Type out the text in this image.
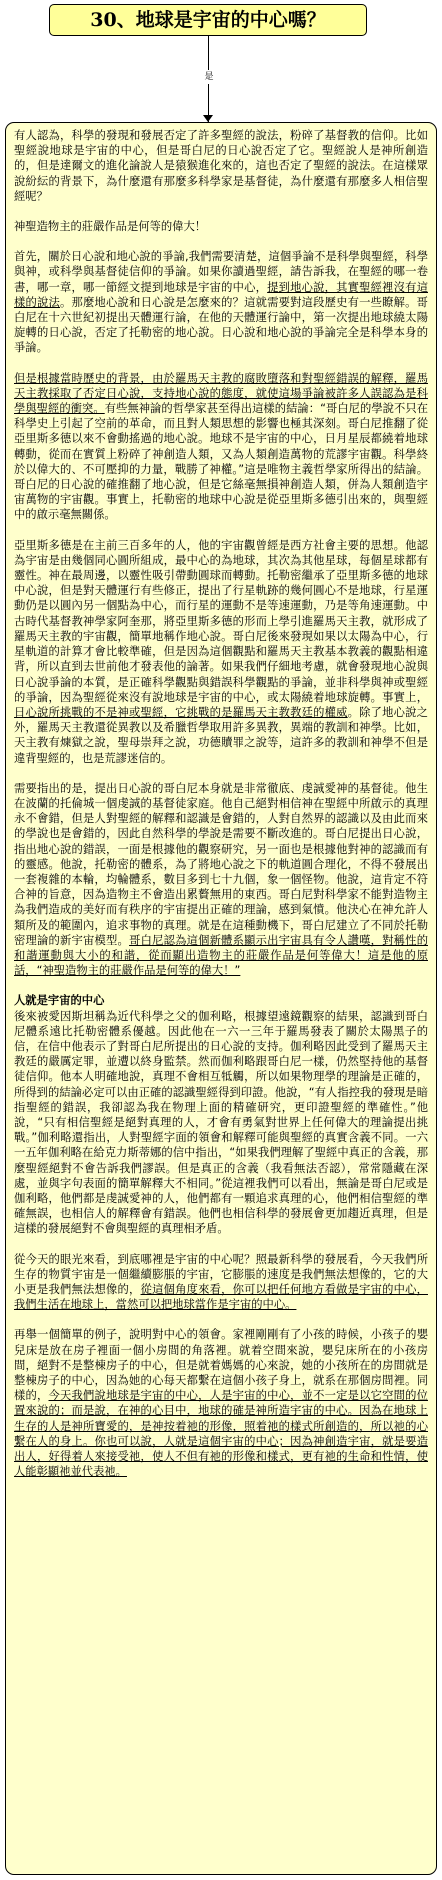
30、地球是宇宙的中心嗎？
是

有人認為，科學的發現和發展否定了許多聖經的說法，粉碎了基督教的信仰。比如聖經說地球是宇宙的中心，但是哥白尼的日心說否定了它。聖經說人是神所創造的，但是達爾文的進化論說人是猿猴進化來的，這也否定了聖經的說法。在這樣眾說紛紜的背景下，為什麼還有那麼多科學家是基督徒，為什麼還有那麼多人相信聖經呢？

神聖造物主的莊嚴作品是何等的偉大！

首先，關於日心說和地心說的爭論,我們需要清楚，這個爭論不是科學與聖經，科學與神，或科學與基督徒信仰的爭論。如果你讀過聖經，請告訴我，在聖經的哪一卷書，哪一章，哪一節經文提到地球是宇宙的中心，提到地心說，其實聖經裡沒有這樣的說法。那麼地心說和日心說是怎麼來的？這就需要對這段歷史有一些瞭解。哥白尼在十六世紀初提出天體運行論，在他的天體運行論中，第一次提出地球繞太陽旋轉的日心說，否定了托勒密的地心說。日心說和地心說的爭論完全是科學本身的爭論。

但是根據當時歷史的背景，由於羅馬天主教的腐敗墮落和對聖經錯誤的解釋，羅馬天主教採取了否定日心說，支持地心說的態度，就使這場爭論被許多人誤認為是科學與聖經的衝突。有些無神論的哲學家甚至得出這樣的結論：“哥白尼的學說不只在科學史上引起了空前的革命，而且對人類思想的影響也極其深刻。哥白尼推翻了從亞里斯多德以來不會動搖過的地心說。地球不是宇宙的中心，日月星辰都繞着地球轉動，從而在實質上粉碎了神創造人類，又為人類創造萬物的荒謬宇宙觀。科學終於以偉大的、不可壓抑的力量，戰勝了神權。”這是唯物主義哲學家所得出的結論。哥白尼的日心說的確推翻了地心說，但是它絲毫無損神創造人類，併為人類創造宇宙萬物的宇宙觀。事實上，托勒密的地球中心說是從亞里斯多德引出來的，與聖經中的啟示毫無關係。

亞里斯多德是在主前三百多年的人，他的宇宙觀曾經是西方社會主要的思想。他認為宇宙是由幾個同心圓所組成，最中心的為地球，其次為其他星球，每個星球都有靈性。神在最周邊，以靈性吸引帶動圓球而轉動。托勒密繼承了亞里斯多德的地球中心說，但是對天體運行有些修正，提出了行星軌跡的幾何圓心不是地球，行星運動仍是以圓內另一個點為中心，而行星的運動不是等速運動，乃是等角速運動。中古時代基督教神學家阿奎那，將亞里斯多德的形而上學引進羅馬天主教，就形成了羅馬天主教的宇宙觀，簡單地稱作地心說。哥白尼後來發現如果以太陽為中心，行星軌道的計算才會比較準確，但是因為這個觀點和羅馬天主教基本教義的觀點相違背，所以直到去世前他才發表他的論著。如果我們仔細地考慮，就會發現地心說與日心說爭論的本質，是正確科學觀點與錯誤科學觀點的爭論，並非科學與神或聖經的爭論，因為聖經從來沒有說地球是宇宙的中心，或太陽繞着地球旋轉。事實上，日心說所挑戰的不是神或聖經，它挑戰的是羅馬天主教教廷的權威。除了地心說之外，羅馬天主教還從異教以及希臘哲學取用許多異教，異端的教訓和神學。比如，天主教有煉獄之說，聖母崇拜之說，功德贖罪之說等，這許多的教訓和神學不但是違背聖經的，也是荒謬迷信的。

需要指出的是，提出日心說的哥白尼本身就是非常徹底、虔誠愛神的基督徒。他生在波蘭的托倫城一個虔誠的基督徒家庭。他自己絕對相信神在聖經中所啟示的真理永不會錯，但是人對聖經的解釋和認識是會錯的，人對自然界的認識以及由此而來的學說也是會錯的，因此自然科學的學說是需要不斷改進的。哥白尼提出日心說，指出地心說的錯誤，一面是根據他的觀察研究，另一面也是根據他對神的認識而有的靈感。他說，托勒密的體系，為了將地心說之下的軌道圓合理化，不得不發展出一套複雜的本輪，均輪體系，數目多到七十九個，象一個怪物。他說，這肯定不符合神的旨意，因為造物主不會造出累贅無用的東西。哥白尼對科學家不能對造物主為我們造成的美好而有秩序的宇宙提出正確的理論，感到氣憤。他決心在神允許人類所及的範圍內，追求事物的真理。就是在這種動機下，哥白尼建立了不同於托勒密理論的新宇宙模型。哥白尼認為這個新體系顯示出宇宙具有令人讚嘆，對稱性的和諧運動與大小的和諧，從而顯出造物主的莊嚴作品是何等偉大！這是他的原話，“神聖造物主的莊嚴作品是何等的偉大！”

人就是宇宙的中心

後來被愛因斯坦稱為近代科學之父的伽利略，根據望遠鏡觀察的結果，認識到哥白尼體系遠比托勒密體系優越。因此他在一六一三年于羅馬發表了關於太陽黑子的信，在信中他表示了對哥白尼所提出的日心說的支持。伽利略因此受到了羅馬天主教廷的嚴厲定罪，並遭以終身監禁。然而伽利略跟哥白尼一樣，仍然堅持他的基督徒信仰。他本人明確地說，真理不會相互牴觸，所以如果物理學的理論是正確的，所得到的結論必定可以由正確的認識聖經得到印證。他說，“有人指控我的發現是暗指聖經的錯誤，我卻認為我在物理上面的精確研究，更印證聖經的準確性。”他說，“只有相信聖經是絕對真理的人，才會有勇氣對世界上任何偉大的理論提出挑戰。”伽利略還指出，人對聖經字面的領會和解釋可能與聖經的真實含義不同。一六一五年伽利略在給克力斯蒂娜的信中指出，“如果我們理解了聖經中真正的含義，那麼聖經絕對不會告訴我們謬誤。但是真正的含義（我看無法否認），常常隱藏在深處，並與字句表面的簡單解釋大不相同。”從這裡我們可以看出，無論是哥白尼或是伽利略，他們都是虔誠愛神的人，他們都有一顆追求真理的心，他們相信聖經的準確無誤，也相信人的解釋會有錯誤。他們也相信科學的發展會更加趨近真理，但是這樣的發展絕對不會與聖經的真理相矛盾。

從今天的眼光來看，到底哪裡是宇宙的中心呢？照最新科學的發展看，今天我們所生存的物質宇宙是一個繼續膨脹的宇宙，它膨脹的速度是我們無法想像的，它的大小更是我們無法想像的，從這個角度來看，你可以把任何地方看做是宇宙的中心，我們生活在地球上，當然可以把地球當作是宇宙的中心。

再舉一個簡單的例子，說明對中心的領會。家裡剛剛有了小孩的時候，小孩子的嬰兒床是放在房子裡面一個小房間的角落裡。就着空間來說，嬰兒床所在的小孩房間，絕對不是整棟房子的中心，但是就着媽媽的心來說，她的小孩所在的房間就是整棟房子的中心，因為她的心每天都繫在這個小孩子身上，就系在那個房間裡。同樣的，今天我們說地球是宇宙的中心，人是宇宙的中心，並不一定是以它空間的位置來說的；而是說，在神的心目中，地球的確是神所造宇宙的中心。因為在地球上生存的人是神所寶愛的，是神按着祂的形像，照着祂的樣式所創造的，所以祂的心繫在人的身上。你也可以說，人就是這個宇宙的中心；因為神創造宇宙，就是要造出人，好得着人來接受祂，使人不但有祂的形像和樣式，更有祂的生命和性情，使人能彰顯祂並代表祂。
